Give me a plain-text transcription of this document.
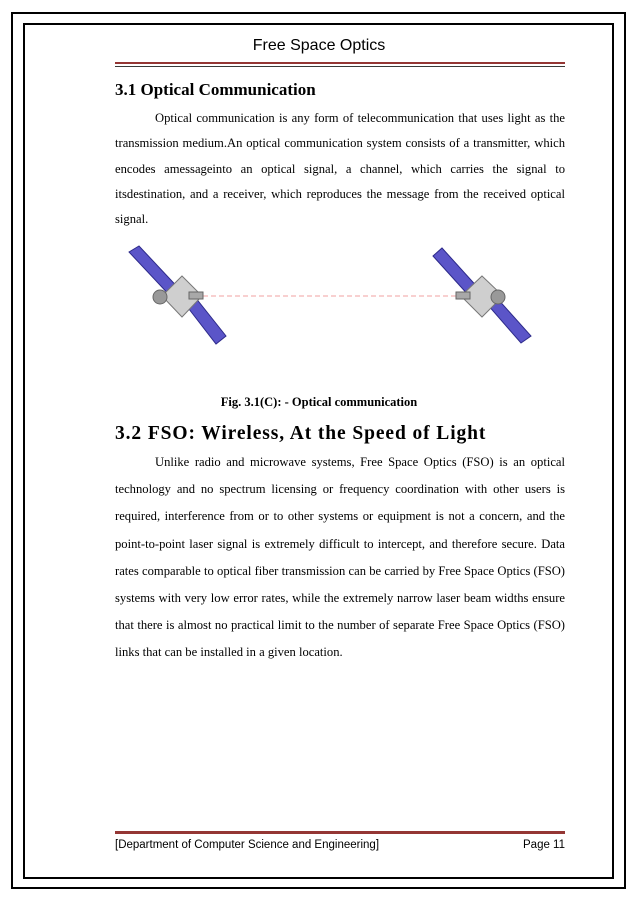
Free Space Optics
3.1 Optical Communication
Optical communication is any form of telecommunication that uses light as the transmission medium.An optical communication system consists of a transmitter, which encodes amessageinto an optical signal, a channel, which carries the signal to itsdestination, and a receiver, which reproduces the message from the received optical signal.
Fig. 3.1(C): - Optical communication
3.2 FSO: Wireless, At the Speed of Light
Unlike radio and microwave systems, Free Space Optics (FSO) is an optical technology and no spectrum licensing or frequency coordination with other users is required, interference from or to other systems or equipment is not a concern, and the point-to-point laser signal is extremely difficult to intercept, and therefore secure. Data rates comparable to optical fiber transmission can be carried by Free Space Optics (FSO) systems with very low error rates, while the extremely narrow laser beam widths ensure that there is almost no practical limit to the number of separate Free Space Optics (FSO) links that can be installed in a given location.
[Department of Computer Science and Engineering]	Page 11
